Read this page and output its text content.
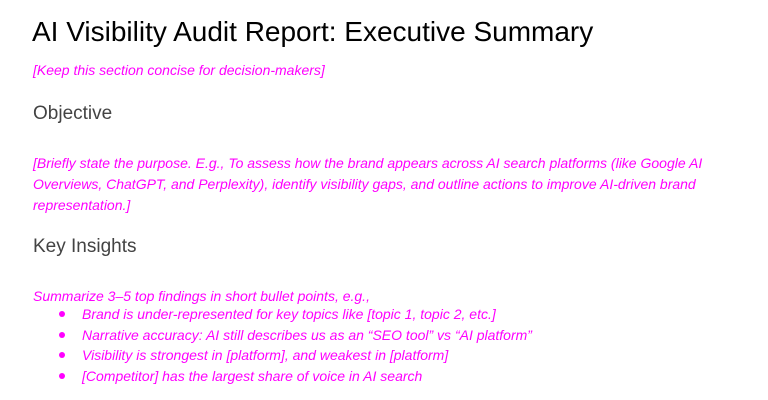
AI Visibility Audit Report: Executive Summary
[Keep this section concise for decision-makers]
Objective

[Briefly state the purpose. E.g., To assess how the brand appears across AI search platforms (like Google AI Overviews, ChatGPT, and Perplexity), identify visibility gaps, and outline actions to improve AI-driven brand representation.]

Key Insights

Summarize 3–5 top findings in short bullet points, e.g.,

Brand is under-represented for key topics like [topic 1, topic 2, etc.]
Narrative accuracy: AI still describes us as an “SEO tool” vs “AI platform”
Visibility is strongest in [platform], and weakest in [platform]
[Competitor] has the largest share of voice in AI search
